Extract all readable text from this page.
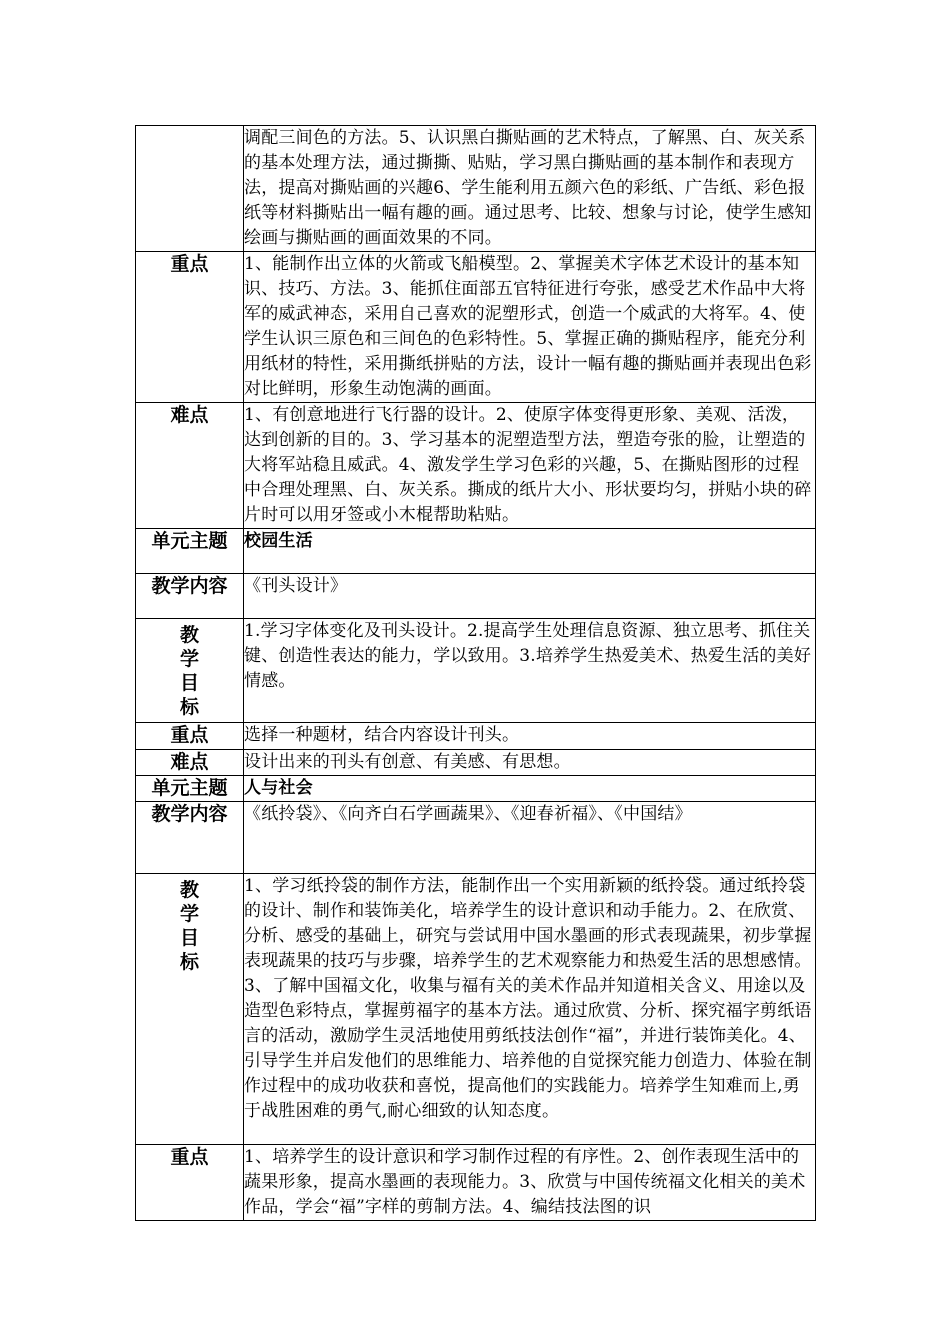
	调配三间色的方法。5、认识黑白撕贴画的艺术特点，了解黑、白、灰关系的基本处理方法，通过撕撕、贴贴，学习黑白撕贴画的基本制作和表现方法，提高对撕贴画的兴趣6、学生能利用五颜六色的彩纸、广告纸、彩色报纸等材料撕贴出一幅有趣的画。通过思考、比较、想象与讨论，使学生感知绘画与撕贴画的画面效果的不同。
重点	1、能制作出立体的火箭或飞船模型。2、掌握美术字体艺术设计的基本知识、技巧、方法。3、能抓住面部五官特征进行夸张，感受艺术作品中大将军的威武神态，采用自己喜欢的泥塑形式，创造一个威武的大将军。4、使学生认识三原色和三间色的色彩特性。5、掌握正确的撕贴程序，能充分利用纸材的特性，采用撕纸拼贴的方法，设计一幅有趣的撕贴画并表现出色彩对比鲜明，形象生动饱满的画面。
难点	1、有创意地进行飞行器的设计。2、使原字体变得更形象、美观、活泼，达到创新的目的。3、学习基本的泥塑造型方法，塑造夸张的脸，让塑造的大将军站稳且威武。4、激发学生学习色彩的兴趣，5、在撕贴图形的过程中合理处理黑、白、灰关系。撕成的纸片大小、形状要均匀，拼贴小块的碎片时可以用牙签或小木棍帮助粘贴。
单元主题	校园生活
教学内容	《刊头设计》

教学目标	1.学习字体变化及刊头设计。2.提高学生处理信息资源、独立思考、抓住关键、创造性表达的能力，学以致用。3.培养学生热爱美术、热爱生活的美好情感。
重点	选择一种题材，结合内容设计刊头。
难点	设计出来的刊头有创意、有美感、有思想。
单元主题	人与社会
教学内容	《纸拎袋》、《向齐白石学画蔬果》、《迎春祈福》、《中国结》

教学目标	1、学习纸拎袋的制作方法，能制作出一个实用新颖的纸拎袋。通过纸拎袋的设计、制作和装饰美化，培养学生的设计意识和动手能力。2、在欣赏、分析、感受的基础上，研究与尝试用中国水墨画的形式表现蔬果，初步掌握表现蔬果的技巧与步骤，培养学生的艺术观察能力和热爱生活的思想感情。3、了解中国福文化，收集与福有关的美术作品并知道相关含义、用途以及造型色彩特点，掌握剪福字的基本方法。通过欣赏、分析、探究福字剪纸语言的活动，激励学生灵活地使用剪纸技法创作“福”，并进行装饰美化。4、引导学生并启发他们的思维能力、培养他的自觉探究能力创造力、体验在制作过程中的成功收获和喜悦，提高他们的实践能力。培养学生知难而上,勇于战胜困难的勇气,耐心细致的认知态度。
重点	1、培养学生的设计意识和学习制作过程的有序性。2、创作表现生活中的蔬果形象，提高水墨画的表现能力。3、欣赏与中国传统福文化相关的美术作品，学会“福”字样的剪制方法。4、编结技法图的识
